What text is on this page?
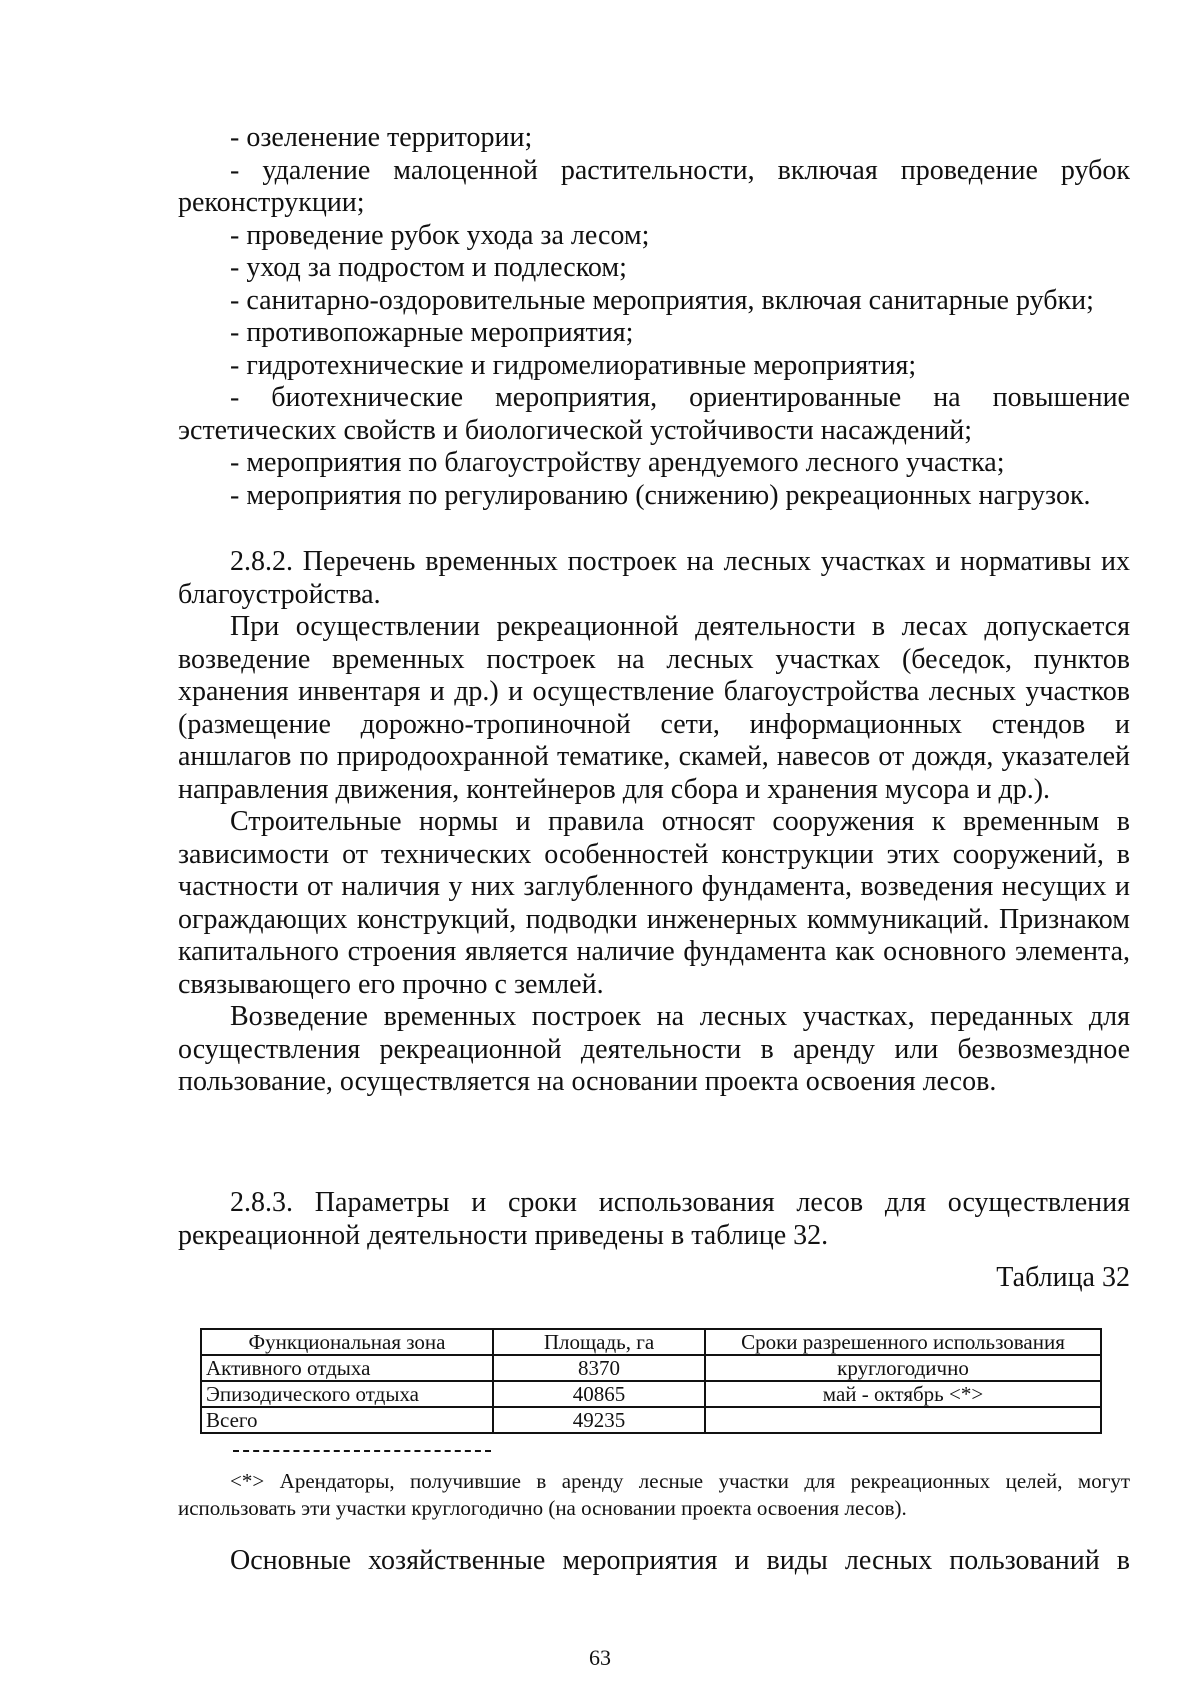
- озеленение территории;

- удаление малоценной растительности, включая проведение рубок реконструкции;

- проведение рубок ухода за лесом;

- уход за подростом и подлеском;

- санитарно-оздоровительные мероприятия, включая санитарные рубки;

- противопожарные мероприятия;

- гидротехнические и гидромелиоративные мероприятия;

- биотехнические мероприятия, ориентированные на повышение эстетических свойств и биологической устойчивости насаждений;

- мероприятия по благоустройству арендуемого лесного участка;

- мероприятия по регулированию (снижению) рекреационных нагрузок.

2.8.2. Перечень временных построек на лесных участках и нормативы их благоустройства.

При осуществлении рекреационной деятельности в лесах допускается возведение временных построек на лесных участках (беседок, пунктов хранения инвентаря и др.) и осуществление благоустройства лесных участков (размещение дорожно-тропиночной сети, информационных стендов и аншлагов по природоохранной тематике, скамей, навесов от дождя, указателей направления движения, контейнеров для сбора и хранения мусора и др.).

Строительные нормы и правила относят сооружения к временным в зависимости от технических особенностей конструкции этих сооружений, в частности от наличия у них заглубленного фундамента, возведения несущих и ограждающих конструкций, подводки инженерных коммуникаций. Признаком капитального строения является наличие фундамента как основного элемента, связывающего его прочно с землей.

Возведение временных построек на лесных участках, переданных для осуществления рекреационной деятельности в аренду или безвозмездное пользование, осуществляется на основании проекта освоения лесов.

2.8.3. Параметры и сроки использования лесов для осуществления рекреационной деятельности приведены в таблице 32.

Таблица 32
Функциональная зона	Площадь, га	Сроки разрешенного использования
Активного отдыха	8370	круглогодично
Эпизодического отдыха	40865	май - октябрь <*>
Всего	49235	

<*> Арендаторы, получившие в аренду лесные участки для рекреационных целей, могут использовать эти участки круглогодично (на основании проекта освоения лесов).

Основные хозяйственные мероприятия и виды лесных пользований в

63
